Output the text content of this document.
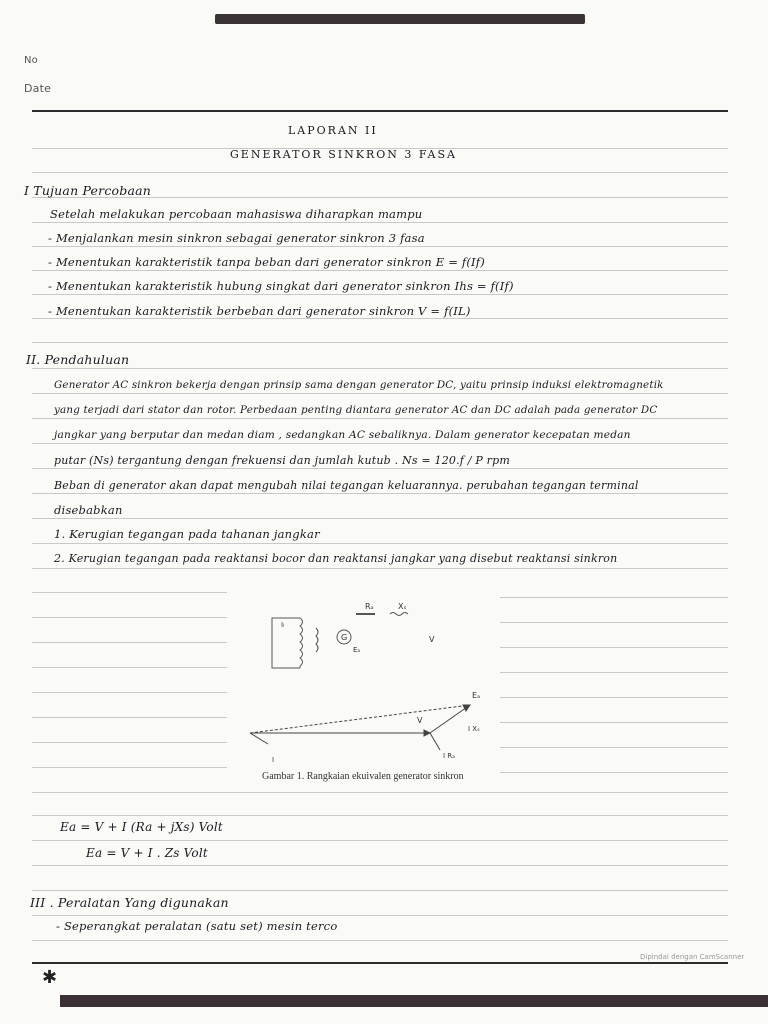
No
Date
LAPORAN II
GENERATOR SINKRON 3 FASA
I Tujuan Percobaan
Setelah melakukan percobaan mahasiswa diharapkan mampu
- Menjalankan mesin sinkron sebagai generator sinkron 3 fasa
- Menentukan karakteristik tanpa beban dari generator sinkron E = f(If)
- Menentukan karakteristik hubung singkat dari generator sinkron Ihs = f(If)
- Menentukan karakteristik berbeban dari generator sinkron V = f(IL)
II. Pendahuluan
Generator AC sinkron bekerja dengan prinsip sama dengan generator DC, yaitu prinsip induksi elektromagnetik
yang terjadi dari stator dan rotor. Perbedaan penting diantara generator AC dan DC adalah pada generator DC
jangkar yang berputar dan medan diam , sedangkan AC sebaliknya. Dalam generator kecepatan medan
putar (Ns) tergantung dengan frekuensi dan jumlah kutub . Ns = 120.f / P rpm
Beban di generator akan dapat mengubah nilai tegangan keluarannya. perubahan tegangan terminal
disebabkan
1. Kerugian tegangan pada tahanan jangkar
2. Kerugian tegangan pada reaktansi bocor dan reaktansi jangkar yang disebut reaktansi sinkron
Iₗ
G
Eₐ
Rₐ	Xₛ
V
Eₐ
V
I Xₛ
I	I Rₐ
Gambar 1. Rangkaian ekuivalen generator sinkron
Ea = V + I (Ra + jXs) Volt
Ea = V + I . Zs Volt
III . Peralatan Yang digunakan
- Seperangkat peralatan (satu set) mesin terco
Dipindai dengan CamScanner
✱
